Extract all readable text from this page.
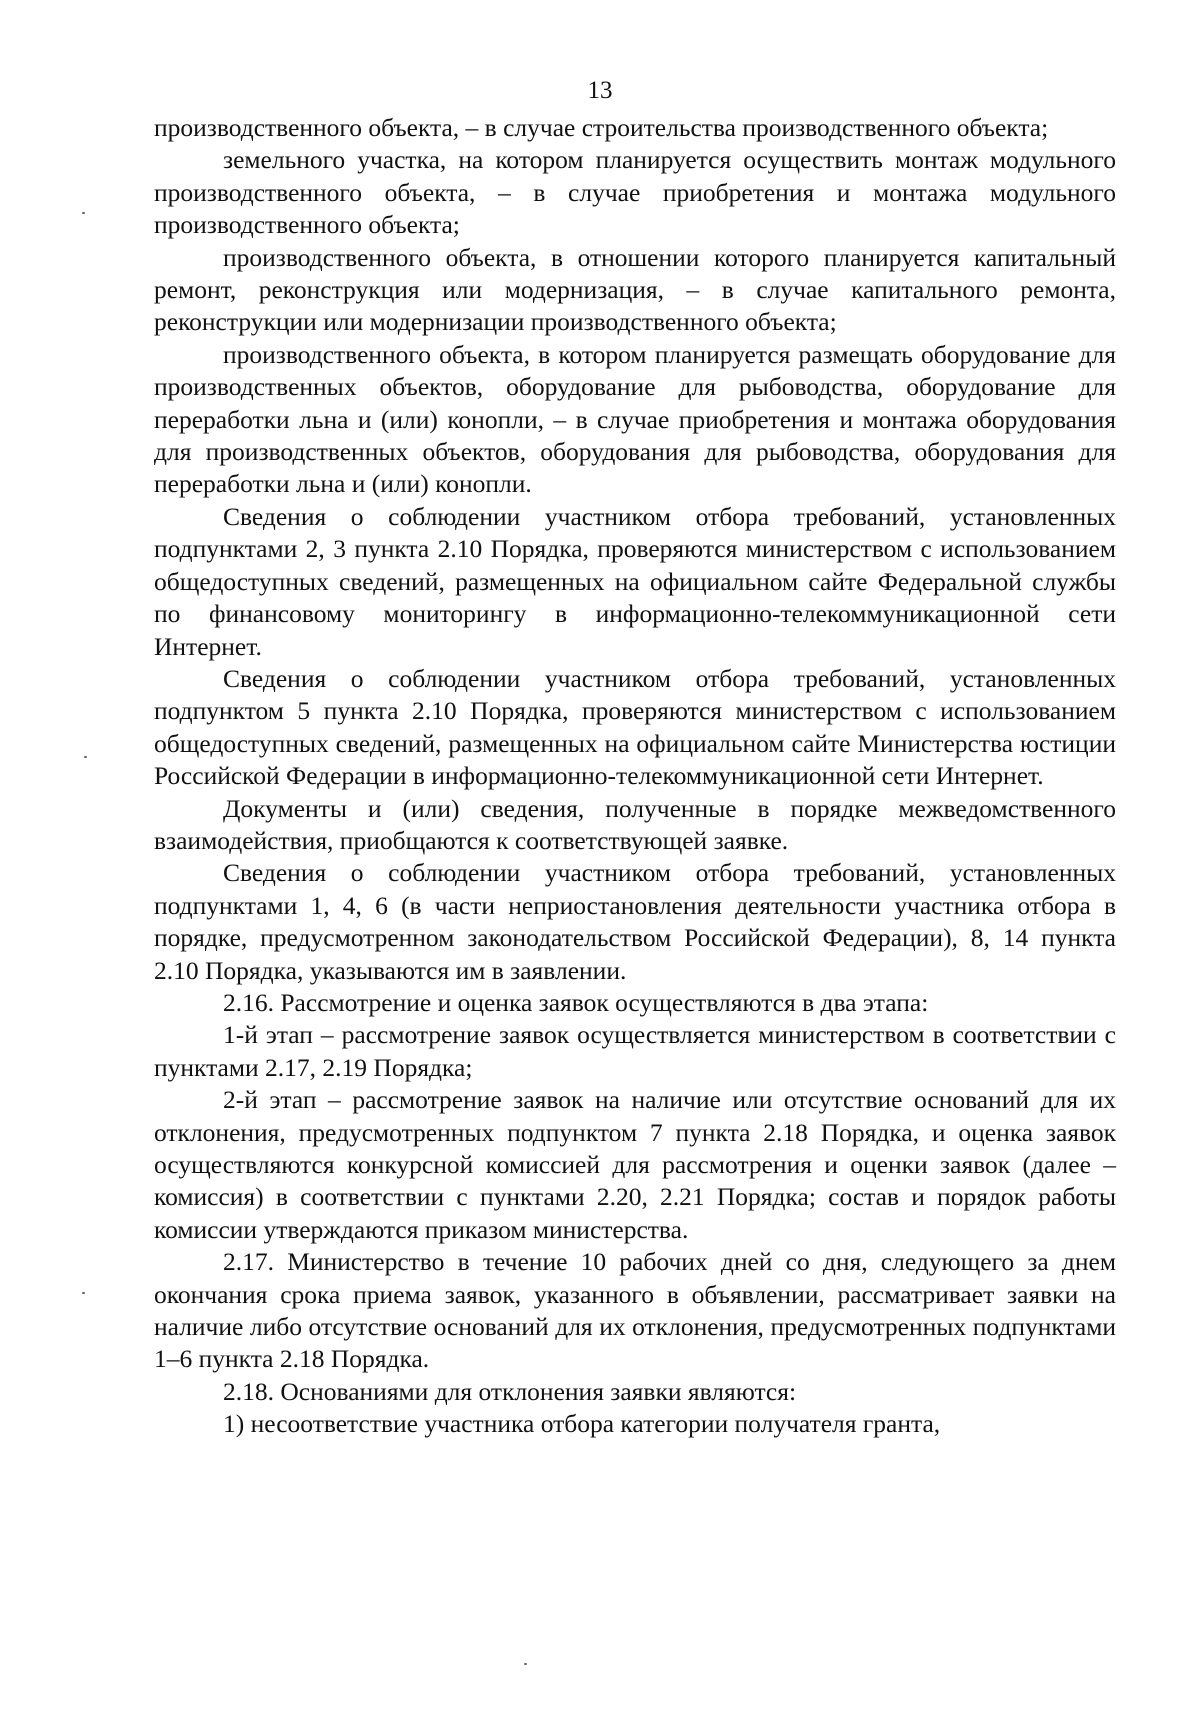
13

производственного объекта, – в случае строительства производственного объекта;

земельного участка, на котором планируется осуществить монтаж модульного производственного объекта, – в случае приобретения и монтажа модульного производственного объекта;

производственного объекта, в отношении которого планируется капитальный ремонт, реконструкция или модернизация, – в случае капитального ремонта, реконструкции или модернизации производственного объекта;

производственного объекта, в котором планируется размещать оборудование для производственных объектов, оборудование для рыбоводства, оборудование для переработки льна и (или) конопли, – в случае приобретения и монтажа оборудования для производственных объектов, оборудования для рыбоводства, оборудования для переработки льна и (или) конопли.

Сведения о соблюдении участником отбора требований, установленных подпунктами 2, 3 пункта 2.10 Порядка, проверяются министерством с использованием общедоступных сведений, размещенных на официальном сайте Федеральной службы по финансовому мониторингу в информационно-телекоммуникационной сети Интернет.

Сведения о соблюдении участником отбора требований, установленных подпунктом 5 пункта 2.10 Порядка, проверяются министерством с использованием общедоступных сведений, размещенных на официальном сайте Министерства юстиции Российской Федерации в информационно-телекоммуникационной сети Интернет.

Документы и (или) сведения, полученные в порядке межведомственного взаимодействия, приобщаются к соответствующей заявке.

Сведения о соблюдении участником отбора требований, установленных подпунктами 1, 4, 6 (в части неприостановления деятельности участника отбора в порядке, предусмотренном законодательством Российской Федерации), 8, 14 пункта 2.10 Порядка, указываются им в заявлении.

2.16. Рассмотрение и оценка заявок осуществляются в два этапа:

1-й этап – рассмотрение заявок осуществляется министерством в соответствии с пунктами 2.17, 2.19 Порядка;

2-й этап – рассмотрение заявок на наличие или отсутствие оснований для их отклонения, предусмотренных подпунктом 7 пункта 2.18 Порядка, и оценка заявок осуществляются конкурсной комиссией для рассмотрения и оценки заявок (далее – комиссия) в соответствии с пунктами 2.20, 2.21 Порядка; состав и порядок работы комиссии утверждаются приказом министерства.

2.17. Министерство в течение 10 рабочих дней со дня, следующего за днем окончания срока приема заявок, указанного в объявлении, рассматривает заявки на наличие либо отсутствие оснований для их отклонения, предусмотренных подпунктами 1–6 пункта 2.18 Порядка.

2.18. Основаниями для отклонения заявки являются:

1) несоответствие участника отбора категории получателя гранта,
